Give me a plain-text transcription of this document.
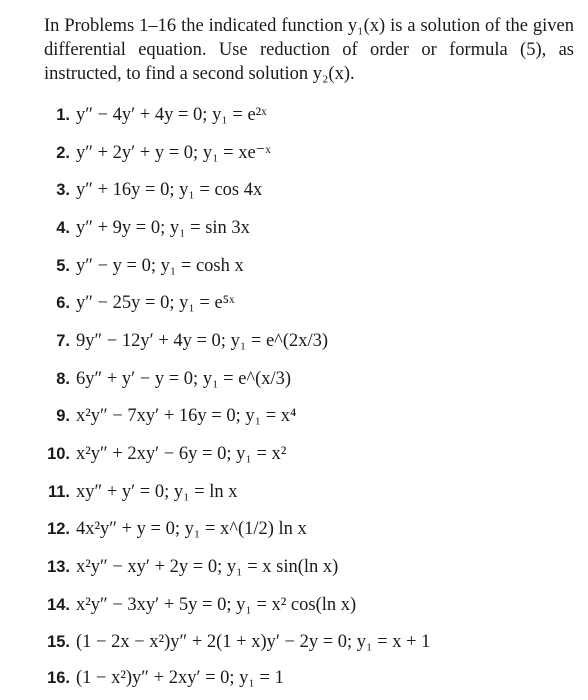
In Problems 1–16 the indicated function y₁(x) is a solution of the given differential equation. Use reduction of order or formula (5), as instructed, to find a second solution y₂(x).
1. y″ − 4y′ + 4y = 0; y₁ = e²ˣ
2. y″ + 2y′ + y = 0; y₁ = xe⁻ˣ
3. y″ + 16y = 0; y₁ = cos 4x
4. y″ + 9y = 0; y₁ = sin 3x
5. y″ − y = 0; y₁ = cosh x
6. y″ − 25y = 0; y₁ = e⁵ˣ
7. 9y″ − 12y′ + 4y = 0; y₁ = e^(2x/3)
8. 6y″ + y′ − y = 0; y₁ = e^(x/3)
9. x²y″ − 7xy′ + 16y = 0; y₁ = x⁴
10. x²y″ + 2xy′ − 6y = 0; y₁ = x²
11. xy″ + y′ = 0; y₁ = ln x
12. 4x²y″ + y = 0; y₁ = x^(1/2) ln x
13. x²y″ − xy′ + 2y = 0; y₁ = x sin(ln x)
14. x²y″ − 3xy′ + 5y = 0; y₁ = x² cos(ln x)
15. (1 − 2x − x²)y″ + 2(1 + x)y′ − 2y = 0; y₁ = x + 1
16. (1 − x²)y″ + 2xy′ = 0; y₁ = 1
